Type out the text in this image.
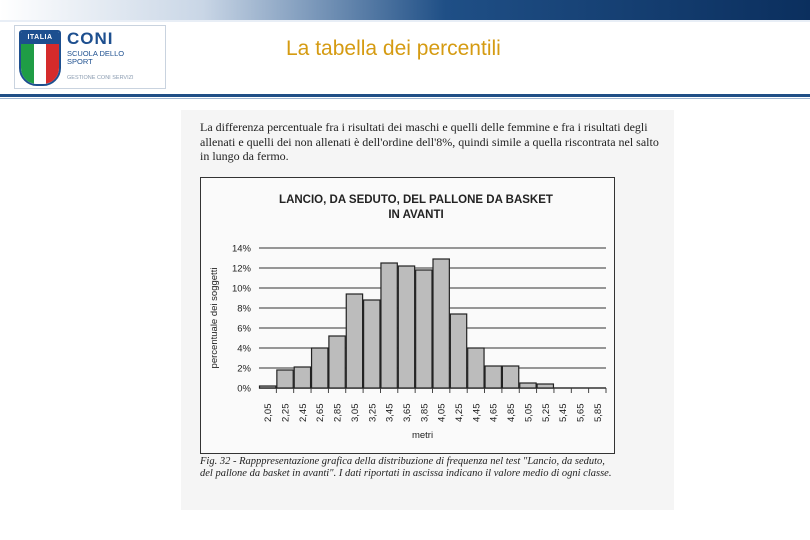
ITALIA CONI
SCUOLA DELLO SPORT
GESTIONE CONI SERVIZI
La tabella dei percentili
La differenza percentuale fra i risultati dei maschi e quelli delle femmine e fra i risultati degli allenati e quelli dei non allenati è dell'ordine dell'8%, quindi simile a quella riscontrata nel salto in lungo da fermo.
LANCIO, DA SEDUTO, DEL PALLONE DA BASKET
IN AVANTI
0%
2%
4%
6%
8%
10%
12%
14%
percentuale dei soggetti
2,05 2,25 2,45 2,65 2,85 3,05 3,25 3,45 3,65 3,85 4,05 4,25 4,45 4,65 4,85 5,05 5,25 5,45 5,65 5,85
metri
Fig. 32 - Rapppresentazione grafica della distribuzione di frequenza nel test "Lancio, da seduto, del pallone da basket in avanti". I dati riportati in ascissa indicano il valore medio di ogni classe.
